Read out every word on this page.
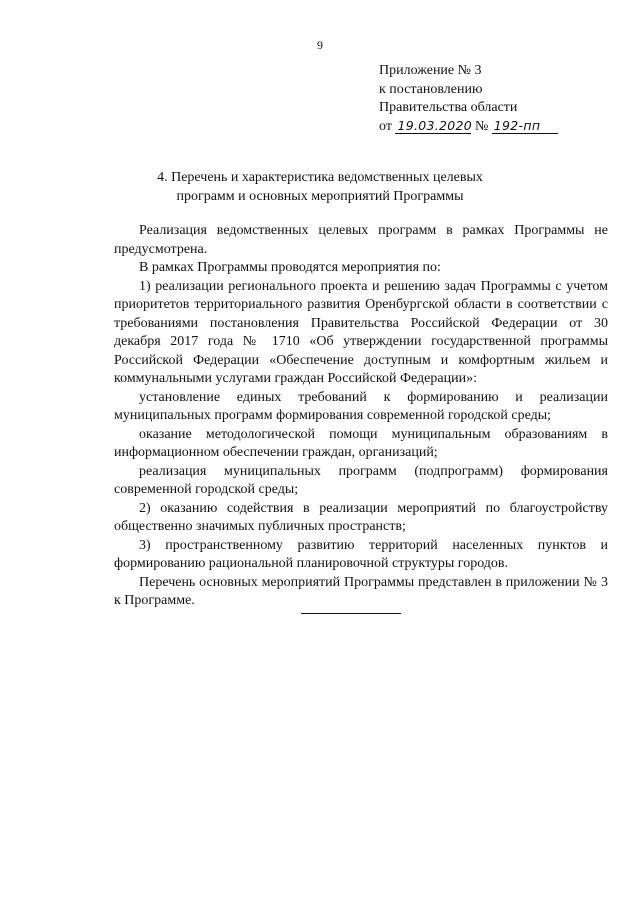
9
Приложение № 3
к постановлению
Правительства области
от 19.03.2020 № 192-пп
4. Перечень и характеристика ведомственных целевых
программ и основных мероприятий Программы

Реализация ведомственных целевых программ в рамках Программы не предусмотрена.

В рамках Программы проводятся мероприятия по:

1) реализации регионального проекта и решению задач Программы с учетом приоритетов территориального развития Оренбургской области в соответствии с требованиями постановления Правительства Российской Федерации от 30 декабря 2017 года № 1710 «Об утверждении государственной программы Российской Федерации «Обеспечение доступным и комфортным жильем и коммунальными услугами граждан Российской Федерации»:

установление единых требований к формированию и реализации муниципальных программ формирования современной городской среды;

оказание методологической помощи муниципальным образованиям в информационном обеспечении граждан, организаций;

реализация муниципальных программ (подпрограмм) формирования современной городской среды;

2) оказанию содействия в реализации мероприятий по благоустройству общественно значимых публичных пространств;

3) пространственному развитию территорий населенных пунктов и формированию рациональной планировочной структуры городов.

Перечень основных мероприятий Программы представлен в приложении № 3 к Программе.
